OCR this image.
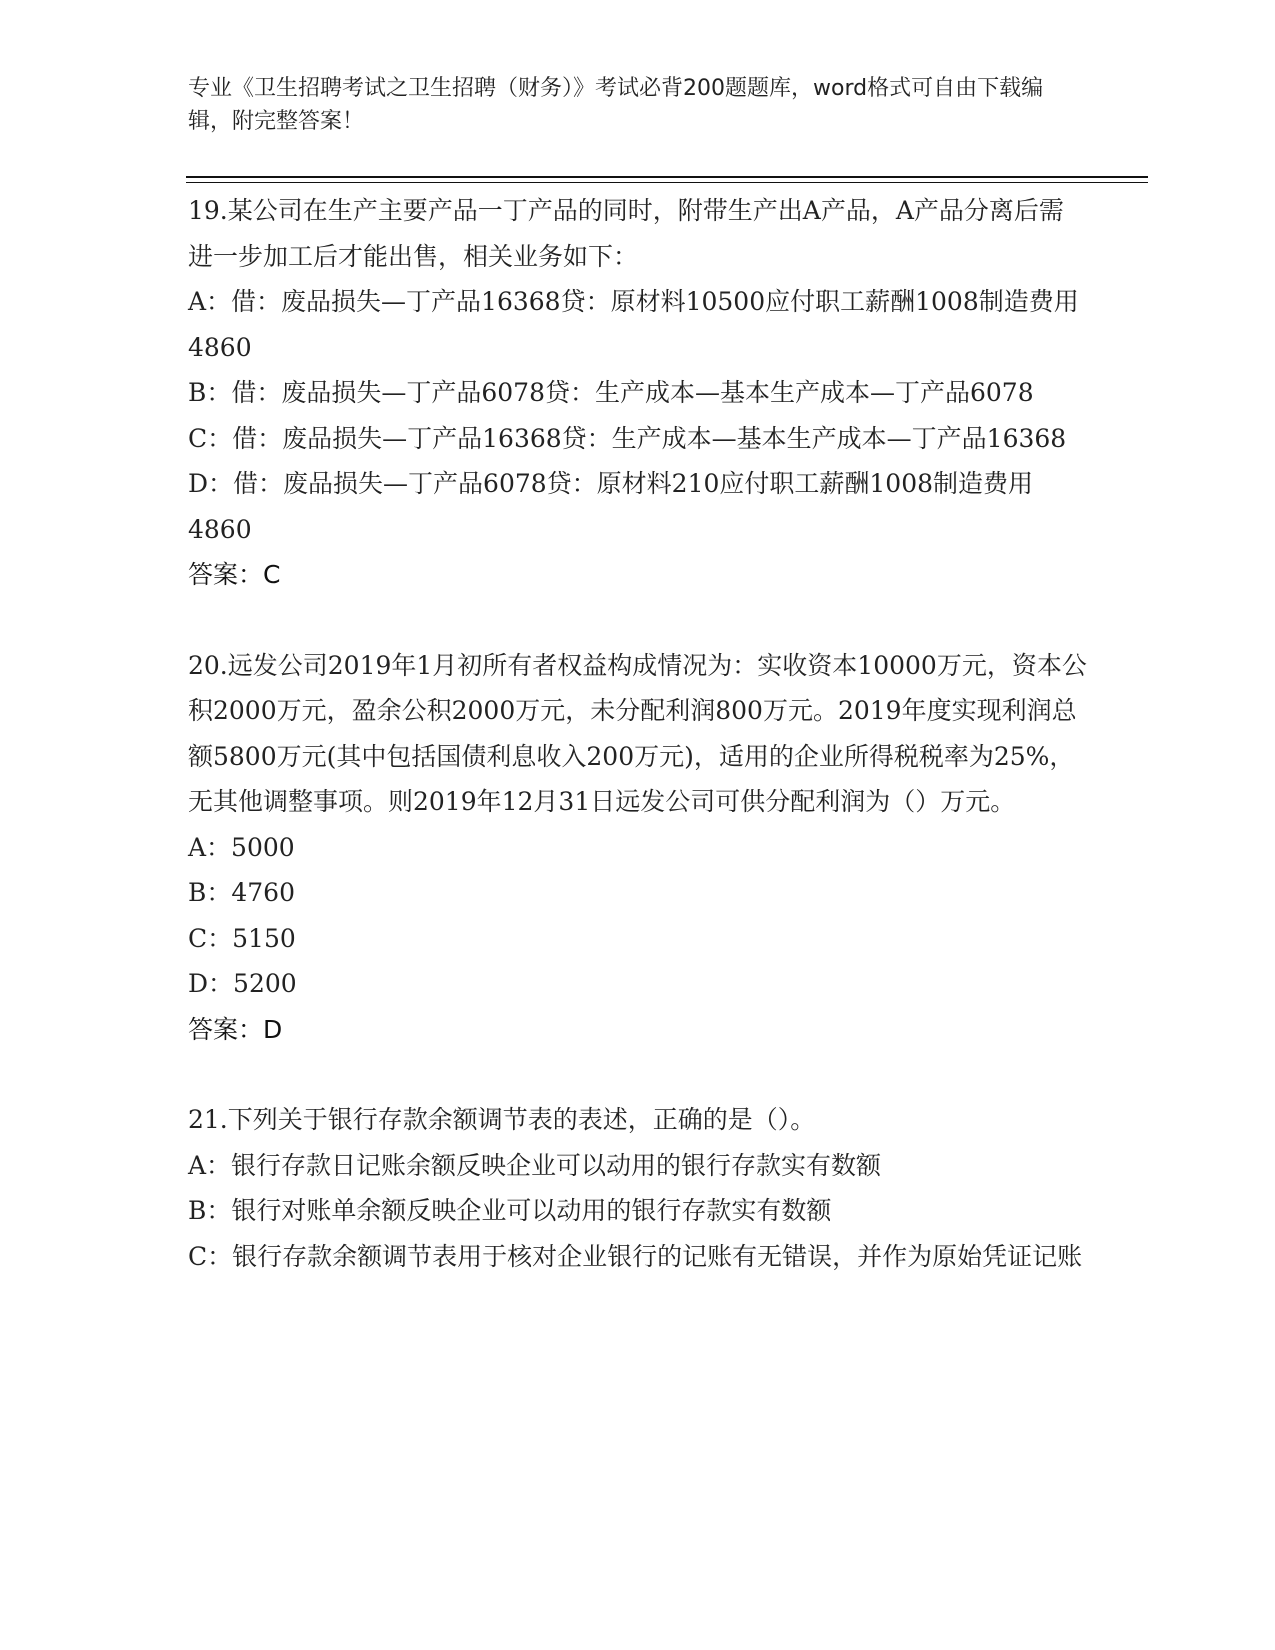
专业《卫生招聘考试之卫生招聘（财务）》考试必背200题题库，word格式可自由下载编辑，附完整答案！
19.某公司在生产主要产品一丁产品的同时，附带生产出A产品，A产品分离后需进一步加工后才能出售，相关业务如下：
A：借：废品损失—丁产品16368贷：原材料10500应付职工薪酬1008制造费用4860
B：借：废品损失—丁产品6078贷：生产成本—基本生产成本—丁产品6078
C：借：废品损失—丁产品16368贷：生产成本—基本生产成本—丁产品16368
D：借：废品损失—丁产品6078贷：原材料210应付职工薪酬1008制造费用4860
答案：C
20.远发公司2019年1月初所有者权益构成情况为：实收资本10000万元，资本公积2000万元，盈余公积2000万元，未分配利润800万元。2019年度实现利润总额5800万元(其中包括国债利息收入200万元)，适用的企业所得税税率为25%，无其他调整事项。则2019年12月31日远发公司可供分配利润为（）万元。
A：5000
B：4760
C：5150
D：5200
答案：D
21.下列关于银行存款余额调节表的表述，正确的是（）。
A：银行存款日记账余额反映企业可以动用的银行存款实有数额
B：银行对账单余额反映企业可以动用的银行存款实有数额
C：银行存款余额调节表用于核对企业银行的记账有无错误，并作为原始凭证记账
